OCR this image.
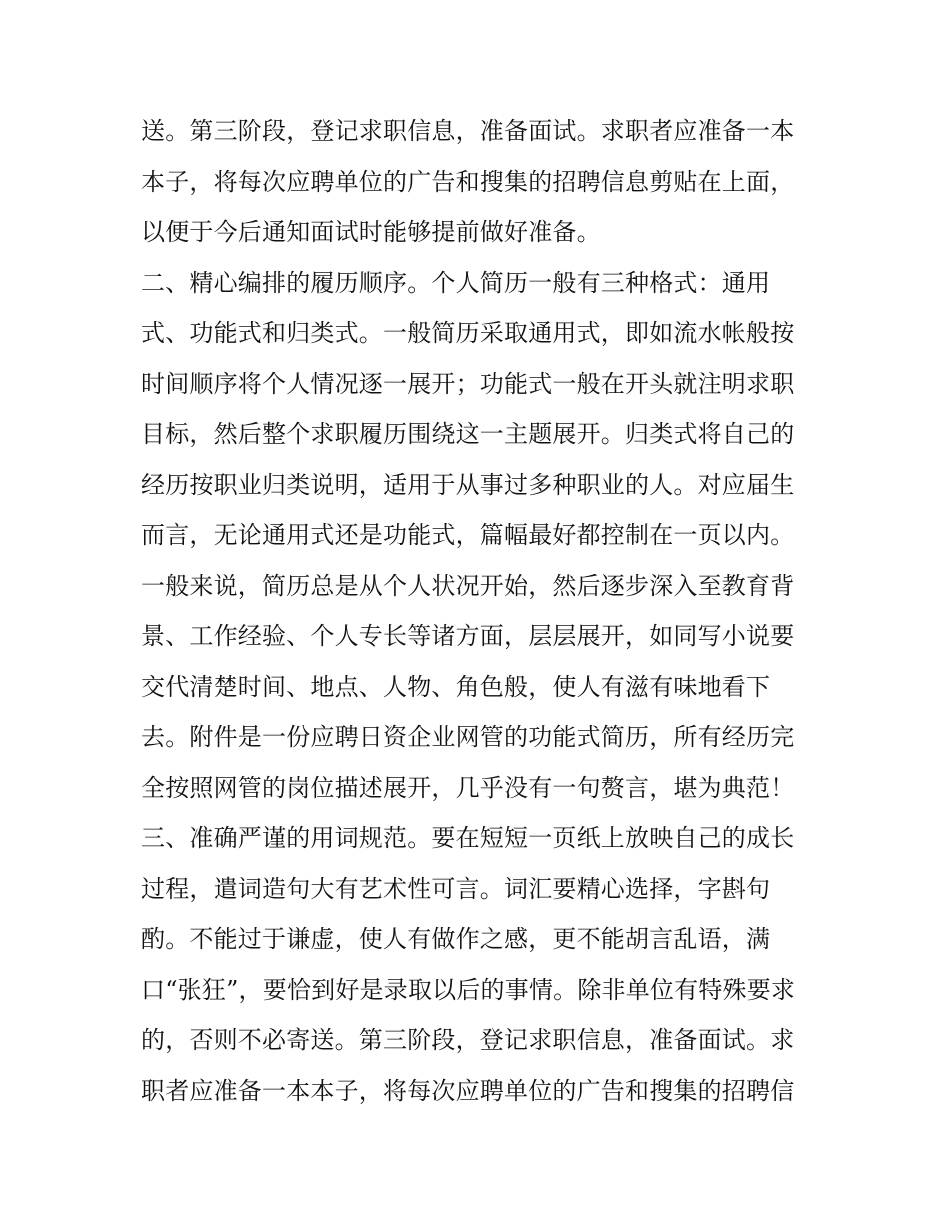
送。第三阶段，登记求职信息，准备面试。求职者应准备一本
本子，将每次应聘单位的广告和搜集的招聘信息剪贴在上面，
以便于今后通知面试时能够提前做好准备。
二、精心编排的履历顺序。个人简历一般有三种格式：通用
式、功能式和归类式。一般简历采取通用式，即如流水帐般按
时间顺序将个人情况逐一展开；功能式一般在开头就注明求职
目标，然后整个求职履历围绕这一主题展开。归类式将自己的
经历按职业归类说明，适用于从事过多种职业的人。对应届生
而言，无论通用式还是功能式，篇幅最好都控制在一页以内。
一般来说，简历总是从个人状况开始，然后逐步深入至教育背
景、工作经验、个人专长等诸方面，层层展开，如同写小说要
交代清楚时间、地点、人物、角色般，使人有滋有味地看下
去。附件是一份应聘日资企业网管的功能式简历，所有经历完
全按照网管的岗位描述展开，几乎没有一句赘言，堪为典范！
三、准确严谨的用词规范。要在短短一页纸上放映自己的成长
过程，遣词造句大有艺术性可言。词汇要精心选择，字斟句
酌。不能过于谦虚，使人有做作之感，更不能胡言乱语，满
口“张狂”，要恰到好是录取以后的事情。除非单位有特殊要求
的，否则不必寄送。第三阶段，登记求职信息，准备面试。求
职者应准备一本本子，将每次应聘单位的广告和搜集的招聘信
